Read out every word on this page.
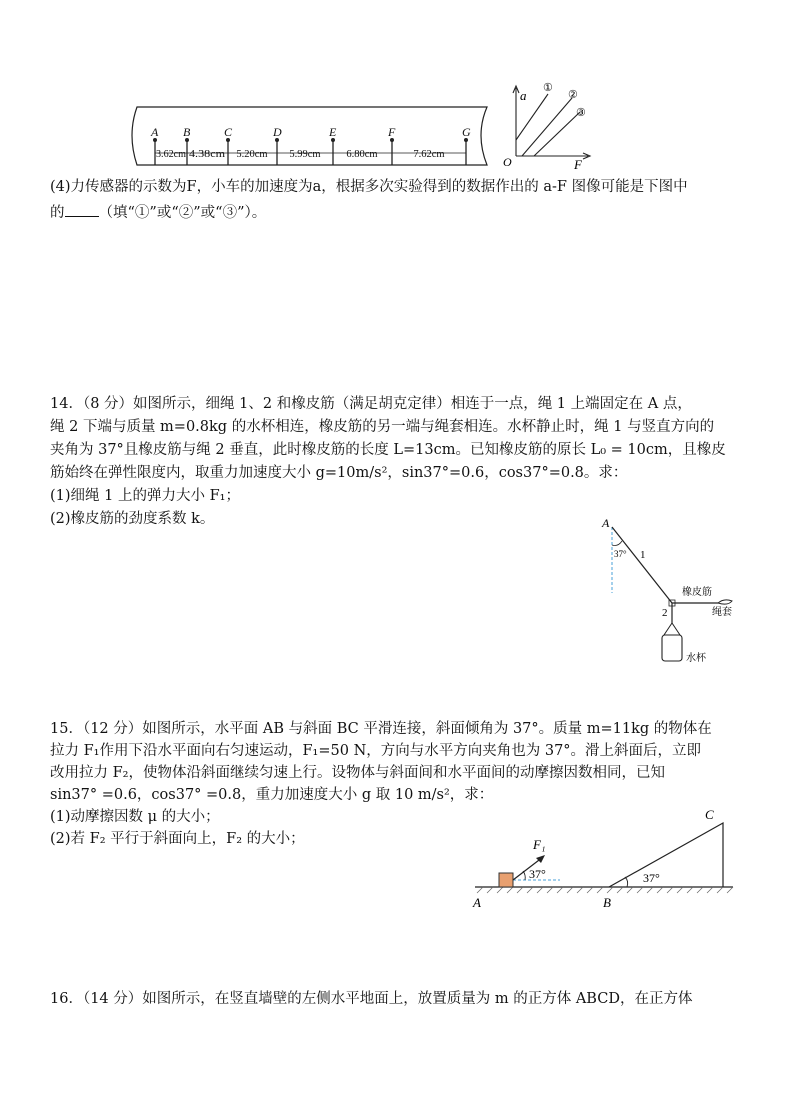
A B	C	D	E	F	G
3.62cm 4.38cm 5.20cm 5.99cm 6.80cm	7.62cm
a
F
O
①
②
③
(4)力传感器的示数为F，小车的加速度为a，根据多次实验得到的数据作出的 a-F 图像可能是下图中
的 （填“①”或“②”或“③”）。
14．（8 分）如图所示，细绳 1、2 和橡皮筋（满足胡克定律）相连于一点，绳 1 上端固定在 A 点，
绳 2 下端与质量 m=0.8kg 的水杯相连，橡皮筋的另一端与绳套相连。水杯静止时，绳 1 与竖直方向的
夹角为 37°且橡皮筋与绳 2 垂直，此时橡皮筋的长度 L=13cm。已知橡皮筋的原长 L₀ = 10cm，且橡皮
筋始终在弹性限度内，取重力加速度大小 g=10m/s²，sin37°=0.6，cos37°=0.8。求：
(1)细绳 1 上的弹力大小 F₁；
(2)橡皮筋的劲度系数 k。	A
37° 1
橡皮筋
绳套
2
水杯
15．（12 分）如图所示，水平面 AB 与斜面 BC 平滑连接，斜面倾角为 37°。质量 m=11kg 的物体在
拉力 F₁作用下沿水平面向右匀速运动，F₁=50 N，方向与水平方向夹角也为 37°。滑上斜面后，立即
改用拉力 F₂，使物体沿斜面继续匀速上行。设物体与斜面间和水平面间的动摩擦因数相同，已知
sin37° =0.6，cos37° =0.8，重力加速度大小 g 取 10 m/s²，求：
(1)动摩擦因数 μ 的大小；
(2)若 F₂ 平行于斜面向上，F₂ 的大小；
37°
37°
F₁
A	B
C
16．（14 分）如图所示，在竖直墙壁的左侧水平地面上，放置质量为 m 的正方体 ABCD，在正方体
